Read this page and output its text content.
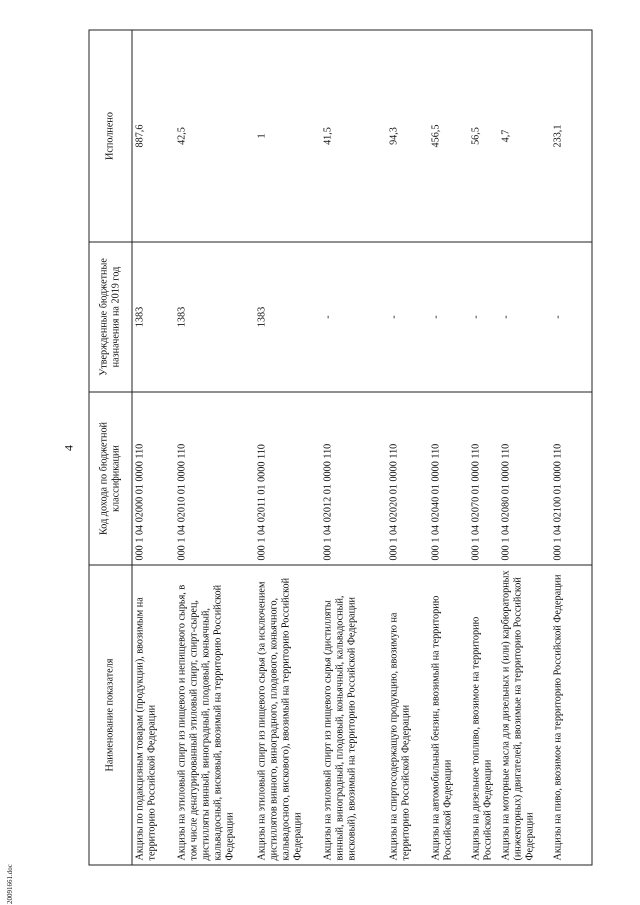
4
Наименование показателя	Код дохода по бюджетной классификации	Утвержденные бюджетные назначения на 2019 год	Исполнено
Акцизы по подакцизным товарам (продукции), ввозимым на территорию Российской Федерации	000 1 04 02000 01 0000 110	1383	887,6
Акцизы на этиловый спирт из пищевого и непищевого сырья, в том числе денатурированный этиловый спирт, спирт-сырец, дистилляты винный, виноградный, плодовый, коньячный, кальвадосный, висковый, ввозимый на территорию Российской Федерации	000 1 04 02010 01 0000 110	1383	42,5
Акцизы на этиловый спирт из пищевого сырья (за исключением дистиллятов винного, виноградного, плодового, коньячного, кальвадосного, вискового), ввозимый на территорию Российской Федерации	000 1 04 02011 01 0000 110	1383	1
Акцизы на этиловый спирт из пищевого сырья (дистилляты винный, виноградный, плодовый, коньячный, кальвадосный, висковый), ввозимый на территорию Российской Федерации	000 1 04 02012 01 0000 110	-	41,5
Акцизы на спиртосодержащую продукцию, ввозимую на территорию Российской Федерации	000 1 04 02020 01 0000 110	-	94,3
Акцизы на автомобильный бензин, ввозимый на территорию Российской Федерации	000 1 04 02040 01 0000 110	-	456,5
Акцизы на дизельное топливо, ввозимое на территорию Российской Федерации	000 1 04 02070 01 0000 110	-	56,5
Акцизы на моторные масла для дизельных и (или) карбюраторных (инжекторных) двигателей, ввозимые на территорию Российской Федерации	000 1 04 02080 01 0000 110	-	4,7
Акцизы на пиво, ввозимое на территорию Российской Федерации	000 1 04 02100 01 0000 110	-	233,1
20091661.doc
